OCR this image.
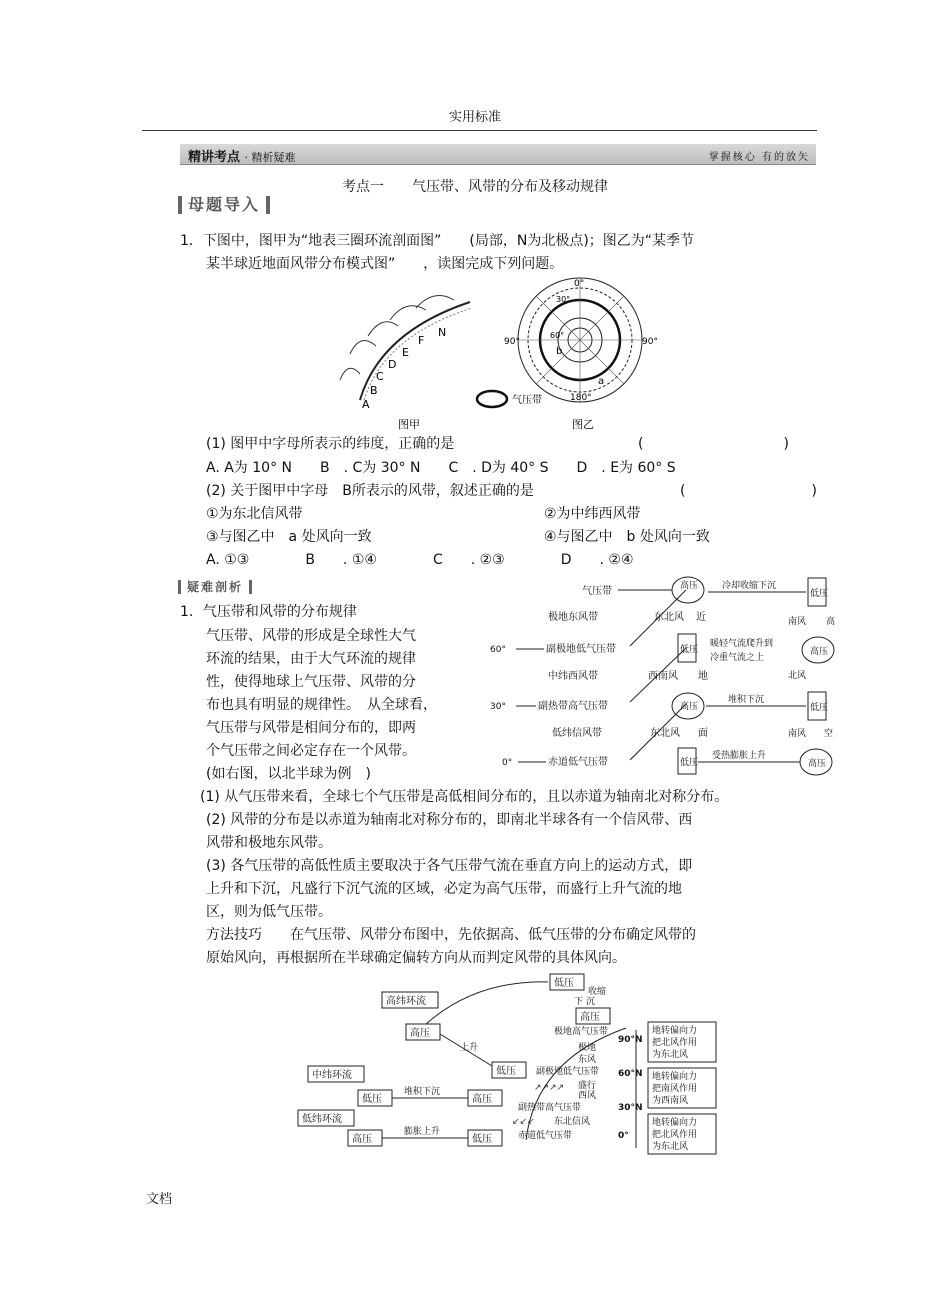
实用标准
精讲考点 · 精析疑难	掌握核心 有的放矢
考点一　　气压带、风带的分布及移动规律
母题导入
1．下图中，图甲为“地表三圈环流剖面图”　　(局部，N为北极点)；图乙为“某季节
某半球近地面风带分布模式图”　　，读图完成下列问题。
A
B
C
D
E
F
N
图甲
0°
90°	90°
180°
30°
60°
a
b
气压带
图乙
(1) 图甲中字母所表示的纬度，正确的是	(　　　　　　　　　　)
A. A为 10° N　　B　. C为 30° N　　C　. D为 40° S　　D　. E为 60° S
(2) 关于图甲中字母　B所表示的风带，叙述正确的是	(　　　　　　　　　)
①为东北信风带	②为中纬西风带
③与图乙中　a 处风向一致	④与图乙中　b 处风向一致
A. ①③　　　　B　　. ①④　　　　C　　. ②③　　　　D　　. ②④
疑难剖析
1．气压带和风带的分布规律
气压带、风带的形成是全球性大气
环流的结果，由于大气环流的规律
性，使得地球上气压带、风带的分
布也具有明显的规律性。　从全球看，
气压带与风带是相间分布的，即两
个气压带之间必定存在一个风带。
(如右图，以北半球为例　)
气压带
极地东风带
60°	副极地低气压带
中纬西风带
30°	副热带高气压带
低纬信风带
0°	赤道低气压带
高压
东北风 近
低压
西南风 地
高压
东北风 面
低压
冷却收缩下沉
暖轻气流爬升到
冷重气流之上
堆积下沉
受热膨胀上升
低压
南风 高
高压
北风
低压
南风 空
高压
(1) 从气压带来看，全球七个气压带是高低相间分布的，且以赤道为轴南北对称分布。
(2) 风带的分布是以赤道为轴南北对称分布的，即南北半球各有一个信风带、西
风带和极地东风带。
(3) 各气压带的高低性质主要取决于各气压带气流在垂直方向上的运动方式，即
上升和下沉，凡盛行下沉气流的区域，必定为高气压带，而盛行上升气流的地
区，则为低气压带。
方法技巧　　在气压带、风带分布图中，先依据高、低气压带的分布确定风带的
原始风向，再根据所在半球确定偏转方向从而判定风带的具体风向。
高纬环流
高压
低压
收缩
下 沉
高压
上升
中纬环流	低压
低压
堆积下沉
高压
低纬环流
高压
膨胀上升
低压
极地高气压带
极地
东风
副极地低气压带
↗↗↗↗ 盛行
西风
副热带高气压带
↙↙↙ 东北信风
赤道低气压带
90°N
60°N
30°N
0°
地转偏向力
把北风作用
为东北风
地转偏向力
把南风作用
为西南风
地转偏向力
把北风作用
为东北风
文档
